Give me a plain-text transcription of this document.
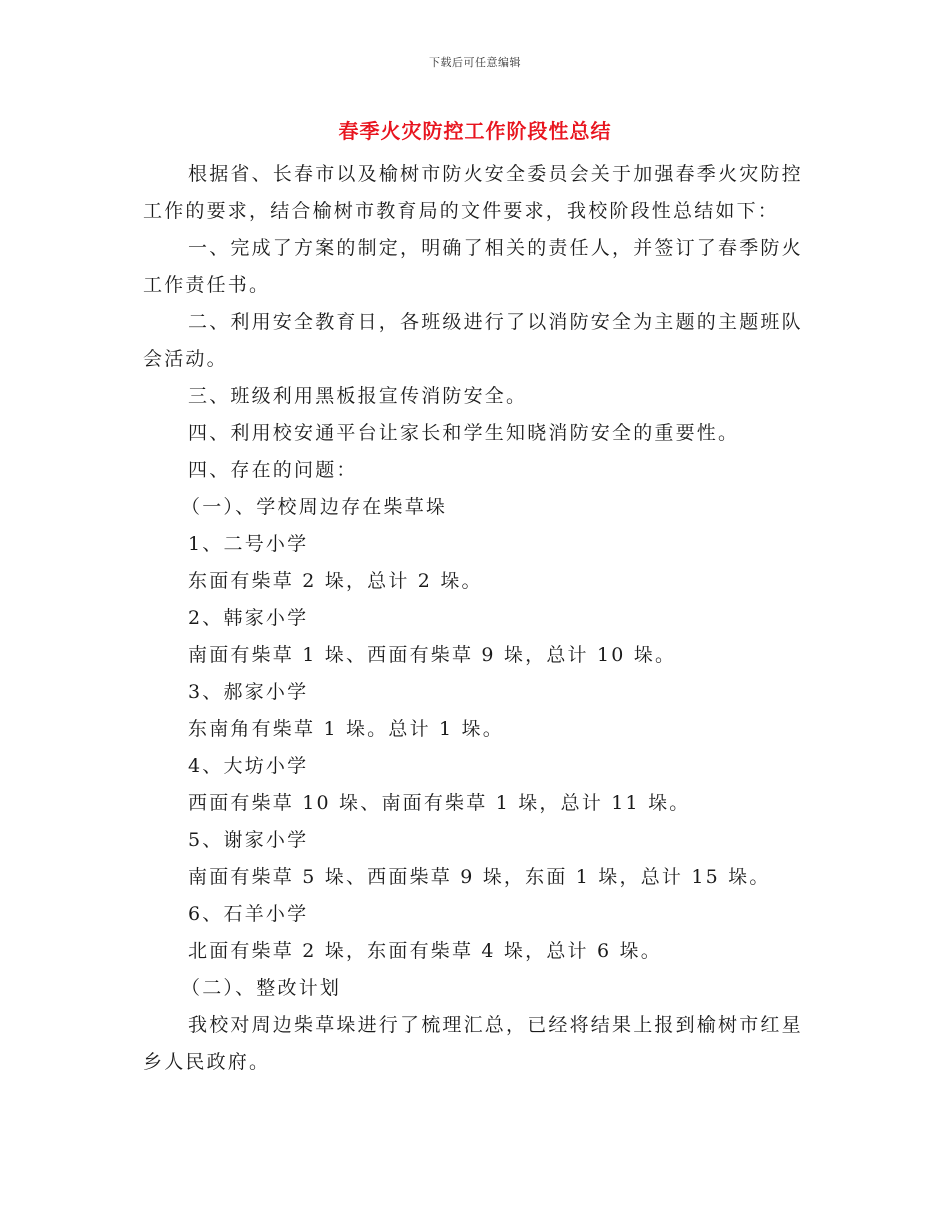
下载后可任意编辑
春季火灾防控工作阶段性总结

根据省、长春市以及榆树市防火安全委员会关于加强春季火灾防控工作的要求，结合榆树市教育局的文件要求，我校阶段性总结如下：

一、完成了方案的制定，明确了相关的责任人，并签订了春季防火工作责任书。

二、利用安全教育日，各班级进行了以消防安全为主题的主题班队会活动。

三、班级利用黑板报宣传消防安全。

四、利用校安通平台让家长和学生知晓消防安全的重要性。

四、存在的问题：

（一）、学校周边存在柴草垛

1、二号小学

东面有柴草 2 垛，总计 2 垛。

2、韩家小学

南面有柴草 1 垛、西面有柴草 9 垛，总计 10 垛。

3、郝家小学

东南角有柴草 1 垛。总计 1 垛。

4、大坊小学

西面有柴草 10 垛、南面有柴草 1 垛，总计 11 垛。

5、谢家小学

南面有柴草 5 垛、西面柴草 9 垛，东面 1 垛，总计 15 垛。

6、石羊小学

北面有柴草 2 垛，东面有柴草 4 垛，总计 6 垛。

（二）、整改计划

我校对周边柴草垛进行了梳理汇总，已经将结果上报到榆树市红星乡人民政府。
